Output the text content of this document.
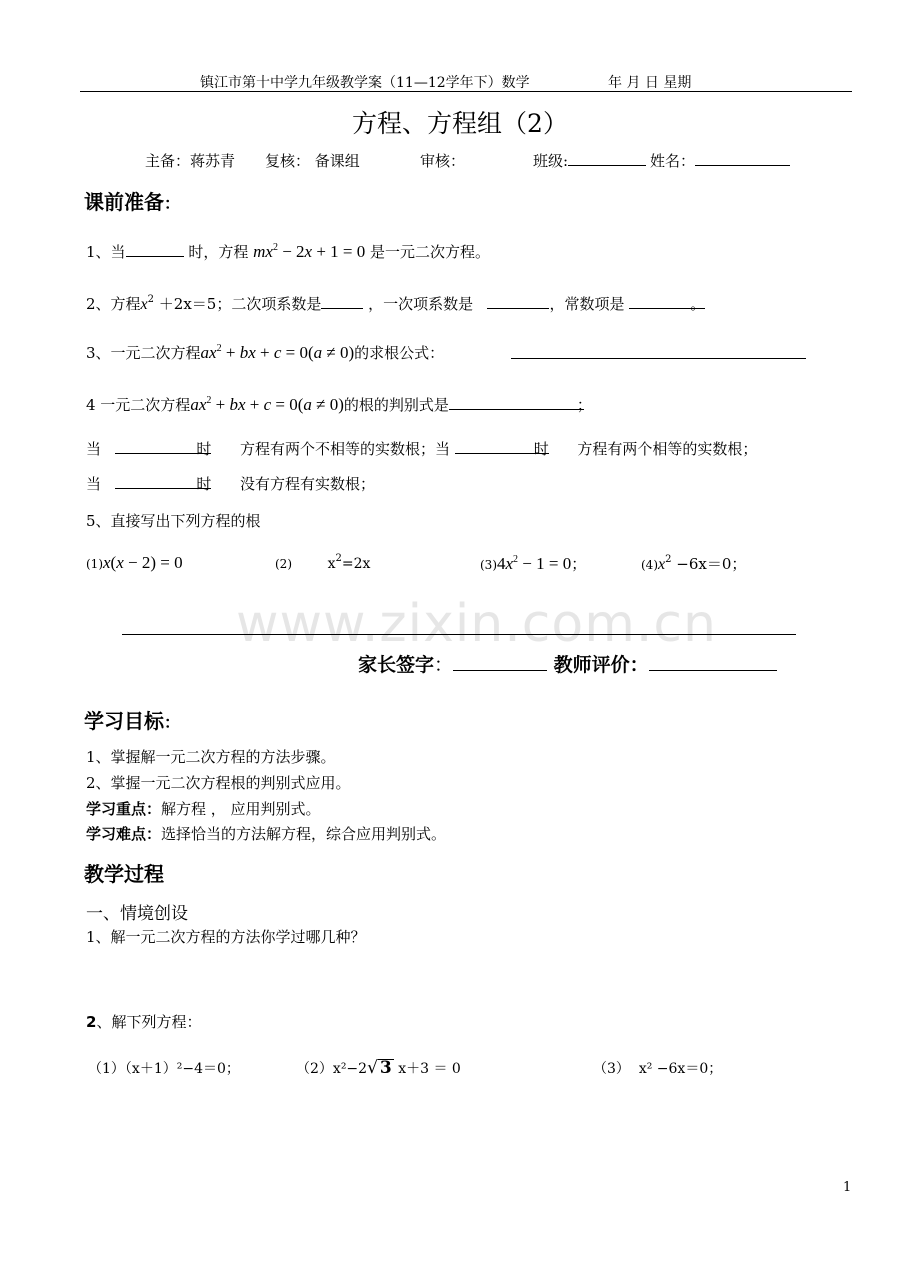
镇江市第十中学九年级教学案（11—12学年下）数学	年 月 日 星期
方程、方程组（2）
主备：蒋苏青 复核： 备课组	审核：	班级:	姓名：
课前准备：
1、当	时，方程 $mx^2 - 2x + 1 = 0$ 是一元二次方程。
2、方程$x^2 +2x=5$；二次项系数是	，一次项系数是	，常数项是	。
3、一元二次方程$ax^2$ + bx + c = 0(a ≠ 0)的求根公式：
4 一元二次方程$ax^2$ + bx + c = 0(a ≠ 0)的根的判别式是	；
当	时 方程有两个不相等的实数根；当	时 方程有两个相等的实数根；
当	时 没有方程有实数根；
5、直接写出下列方程的根
(1)x(x − 2) = 0	(2)	$x^2=2x$	$(3)4x^2 - 1 = 0$；	$(4)x^2 -6x=0$；
www.zixin.com.cn
家长签字：	教师评价：
学习目标：
1、掌握解一元二次方程的方法步骤。
2、掌握一元二次方程根的判别式应用。
学习重点：解方程 ， 应用判别式。
学习难点：选择恰当的方法解方程，综合应用判别式。
教学过程
一、情境创设
1、解一元二次方程的方法你学过哪几种？
2、解下列方程：
（1）（x＋1）²−4＝0；	（2）x²−2√ 3 x＋3 ＝ 0	（3） x² −6x＝0；
1
